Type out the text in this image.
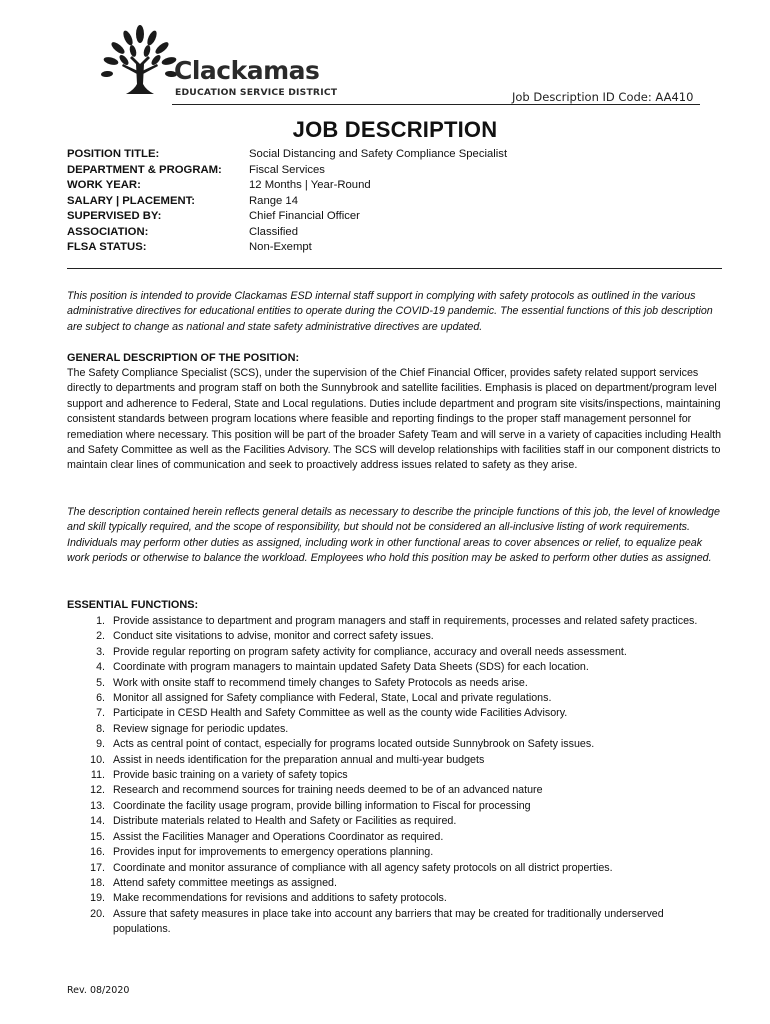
Clackamas
EDUCATION SERVICE DISTRICT	Job Description ID Code: AA410
JOB DESCRIPTION
POSITION TITLE:	Social Distancing and Safety Compliance Specialist
DEPARTMENT & PROGRAM:	Fiscal Services
WORK YEAR:	12 Months | Year-Round
SALARY | PLACEMENT:	Range 14
SUPERVISED BY:	Chief Financial Officer
ASSOCIATION:	Classified
FLSA STATUS:	Non-Exempt

This position is intended to provide Clackamas ESD internal staff support in complying with safety protocols as outlined in the various administrative directives for educational entities to operate during the COVID-19 pandemic. The essential functions of this job description are subject to change as national and state safety administrative directives are updated.

GENERAL DESCRIPTION OF THE POSITION:

The Safety Compliance Specialist (SCS), under the supervision of the Chief Financial Officer, provides safety related support services directly to departments and program staff on both the Sunnybrook and satellite facilities. Emphasis is placed on department/program level support and adherence to Federal, State and Local regulations. Duties include department and program site visits/inspections, maintaining consistent standards between program locations where feasible and reporting findings to the proper staff management personnel for remediation where necessary. This position will be part of the broader Safety Team and will serve in a variety of capacities including Health and Safety Committee as well as the Facilities Advisory. The SCS will develop relationships with facilities staff in our component districts to maintain clear lines of communication and seek to proactively address issues related to safety as they arise.

The description contained herein reflects general details as necessary to describe the principle functions of this job, the level of knowledge and skill typically required, and the scope of responsibility, but should not be considered an all-inclusive listing of work requirements. Individuals may perform other duties as assigned, including work in other functional areas to cover absences or relief, to equalize peak work periods or otherwise to balance the workload. Employees who hold this position may be asked to perform other duties as assigned.

ESSENTIAL FUNCTIONS:
1. Provide assistance to department and program managers and staff in requirements, processes and related safety practices.
2. Conduct site visitations to advise, monitor and correct safety issues.
3. Provide regular reporting on program safety activity for compliance, accuracy and overall needs assessment.
4. Coordinate with program managers to maintain updated Safety Data Sheets (SDS) for each location.
5. Work with onsite staff to recommend timely changes to Safety Protocols as needs arise.
6. Monitor all assigned for Safety compliance with Federal, State, Local and private regulations.
7. Participate in CESD Health and Safety Committee as well as the county wide Facilities Advisory.
8. Review signage for periodic updates.
9. Acts as central point of contact, especially for programs located outside Sunnybrook on Safety issues.
10. Assist in needs identification for the preparation annual and multi-year budgets
11. Provide basic training on a variety of safety topics
12. Research and recommend sources for training needs deemed to be of an advanced nature
13. Coordinate the facility usage program, provide billing information to Fiscal for processing
14. Distribute materials related to Health and Safety or Facilities as required.
15. Assist the Facilities Manager and Operations Coordinator as required.
16. Provides input for improvements to emergency operations planning.
17. Coordinate and monitor assurance of compliance with all agency safety protocols on all district properties.
18. Attend safety committee meetings as assigned.
19. Make recommendations for revisions and additions to safety protocols.
20. Assure that safety measures in place take into account any barriers that may be created for traditionally underserved populations.
Rev. 08/2020
